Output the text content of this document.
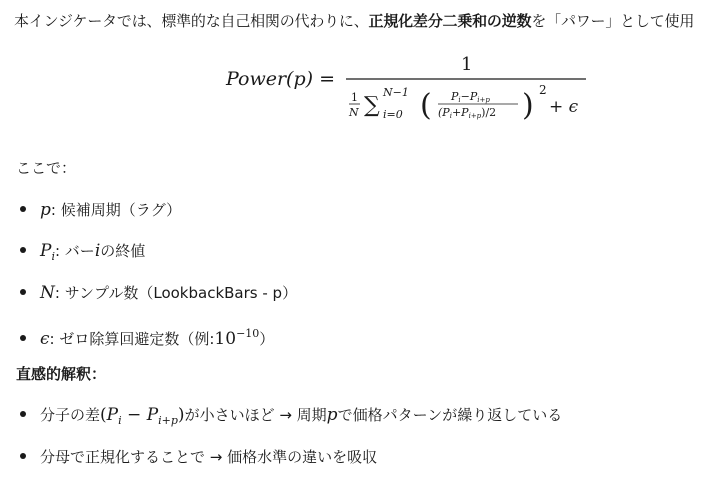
本インジケータでは、標準的な自己相関の代わりに、正規化差分二乗和の逆数を「パワー」として使用
Power(p) =
1
1
N ∑
N−1
i=0 (	)
Pi−Pi+p
(Pi+Pi+p)/2
2
+ ϵ
ここで：
p : 候補周期（ラグ）
$P_i$ : バー i の終値
N : サンプル数（LookbackBars - p）
ϵ : ゼロ除算回避定数（例: $10^{-10}$ ）
直感的解釈：
分子の差 $(P_i - P_{i+p})$ が小さいほど → 周期 p で価格パターンが繰り返している
分母で正規化することで → 価格水準の違いを吸収
